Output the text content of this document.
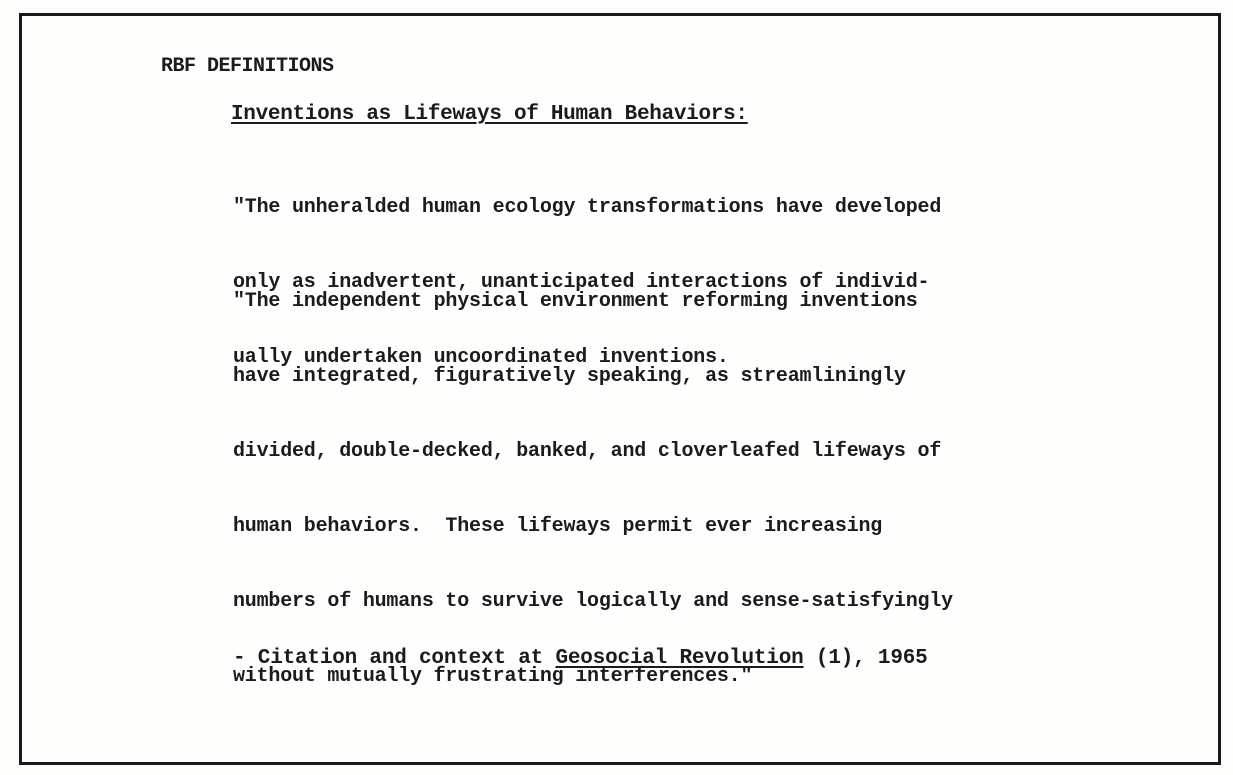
RBF DEFINITIONS
Inventions as Lifeways of Human Behaviors:

"The unheralded human ecology transformations have developed

only as inadvertent, unanticipated interactions of individ-

ually undertaken uncoordinated inventions.

"The independent physical environment reforming inventions

have integrated, figuratively speaking, as streamliningly

divided, double-decked, banked, and cloverleafed lifeways of

human behaviors.  These lifeways permit ever increasing

numbers of humans to survive logically and sense-satisfyingly

without mutually frustrating interferences."

- Citation and context at Geosocial Revolution (1), 1965
